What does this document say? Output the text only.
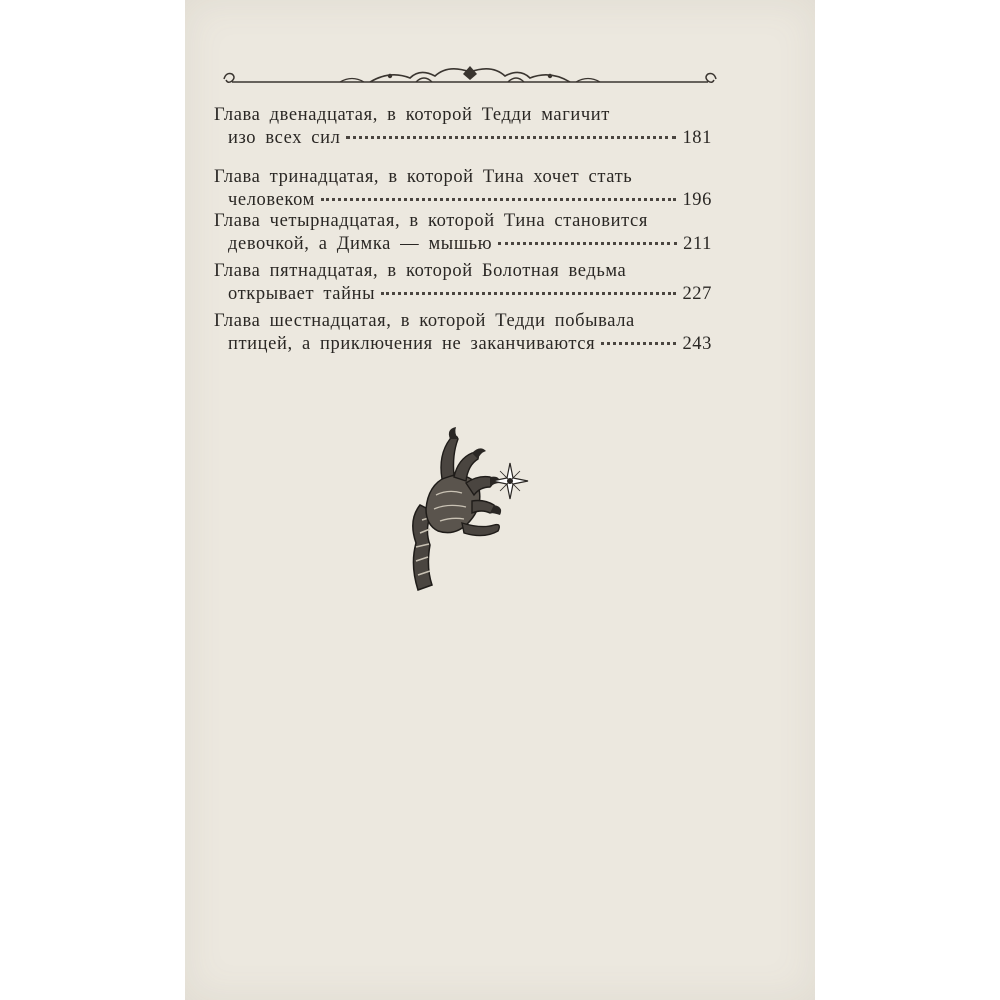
Глава двенадцатая, в которой Тедди магичит
изо всех сил	181
Глава тринадцатая, в которой Тина хочет стать
человеком	196
Глава четырнадцатая, в которой Тина становится
девочкой, а Димка — мышью	211
Глава пятнадцатая, в которой Болотная ведьма
открывает тайны	227
Глава шестнадцатая, в которой Тедди побывала
птицей, а приключения не заканчиваются	243
